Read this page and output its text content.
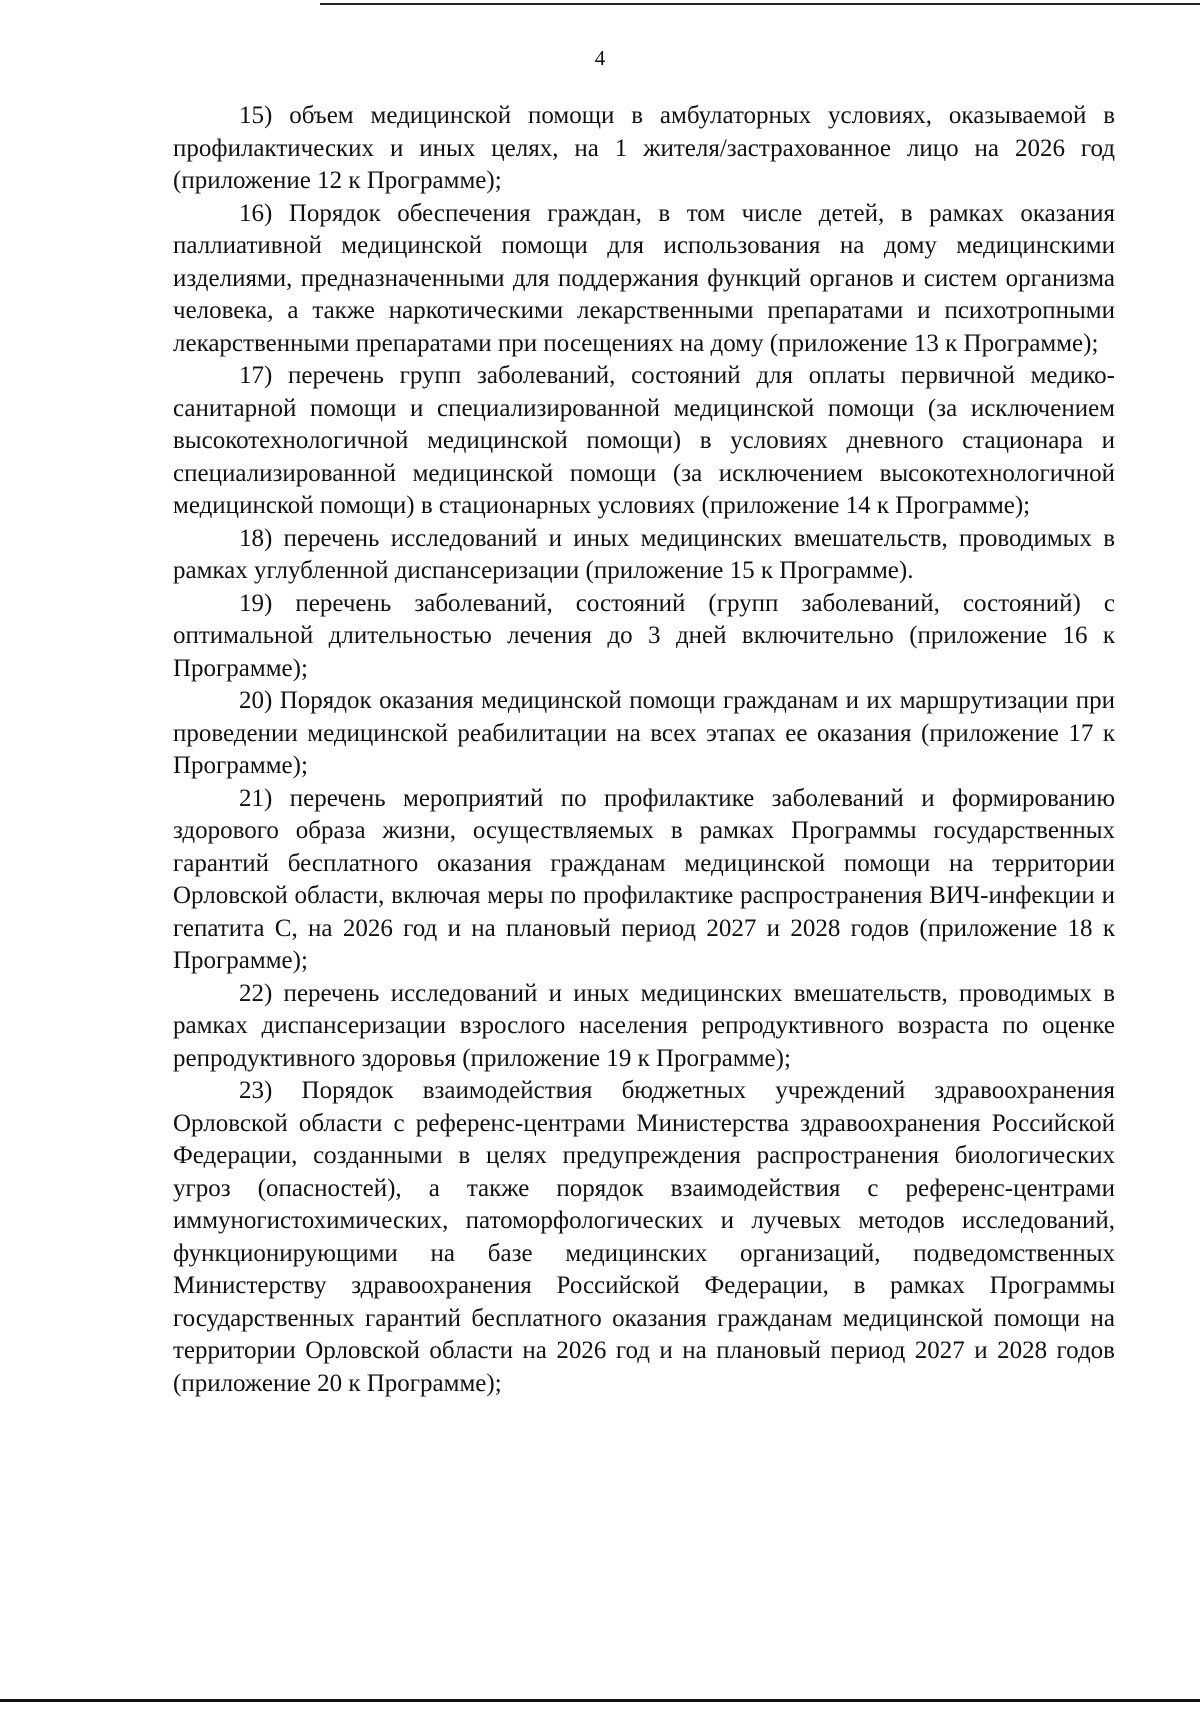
4

15) объем медицинской помощи в амбулаторных условиях, оказываемой в профилактических и иных целях, на 1 жителя/застрахованное лицо на 2026 год (приложение 12 к Программе);

16) Порядок обеспечения граждан, в том числе детей, в рамках оказания паллиативной медицинской помощи для использования на дому медицинскими изделиями, предназначенными для поддержания функций органов и систем организма человека, а также наркотическими лекарственными препаратами и психотропными лекарственными препаратами при посещениях на дому (приложение 13 к Программе);

17) перечень групп заболеваний, состояний для оплаты первичной медико-санитарной помощи и специализированной медицинской помощи (за исключением высокотехнологичной медицинской помощи) в условиях дневного стационара и специализированной медицинской помощи (за исключением высокотехнологичной медицинской помощи) в стационарных условиях (приложение 14 к Программе);

18) перечень исследований и иных медицинских вмешательств, проводимых в рамках углубленной диспансеризации (приложение 15 к Программе).

19) перечень заболеваний, состояний (групп заболеваний, состояний) с оптимальной длительностью лечения до 3 дней включительно (приложение 16 к Программе);

20) Порядок оказания медицинской помощи гражданам и их маршрутизации при проведении медицинской реабилитации на всех этапах ее оказания (приложение 17 к Программе);

21) перечень мероприятий по профилактике заболеваний и формированию здорового образа жизни, осуществляемых в рамках Программы государственных гарантий бесплатного оказания гражданам медицинской помощи на территории Орловской области, включая меры по профилактике распространения ВИЧ-инфекции и гепатита С, на 2026 год и на плановый период 2027 и 2028 годов (приложение 18 к Программе);

22) перечень исследований и иных медицинских вмешательств, проводимых в рамках диспансеризации взрослого населения репродуктивного возраста по оценке репродуктивного здоровья (приложение 19 к Программе);

23) Порядок взаимодействия бюджетных учреждений здравоохранения Орловской области с референс-центрами Министерства здравоохранения Российской Федерации, созданными в целях предупреждения распространения биологических угроз (опасностей), а также порядок взаимодействия с референс-центрами иммуногистохимических, патоморфологических и лучевых методов исследований, функционирующими на базе медицинских организаций, подведомственных Министерству здравоохранения Российской Федерации, в рамках Программы государственных гарантий бесплатного оказания гражданам медицинской помощи на территории Орловской области на 2026 год и на плановый период 2027 и 2028 годов (приложение 20 к Программе);
